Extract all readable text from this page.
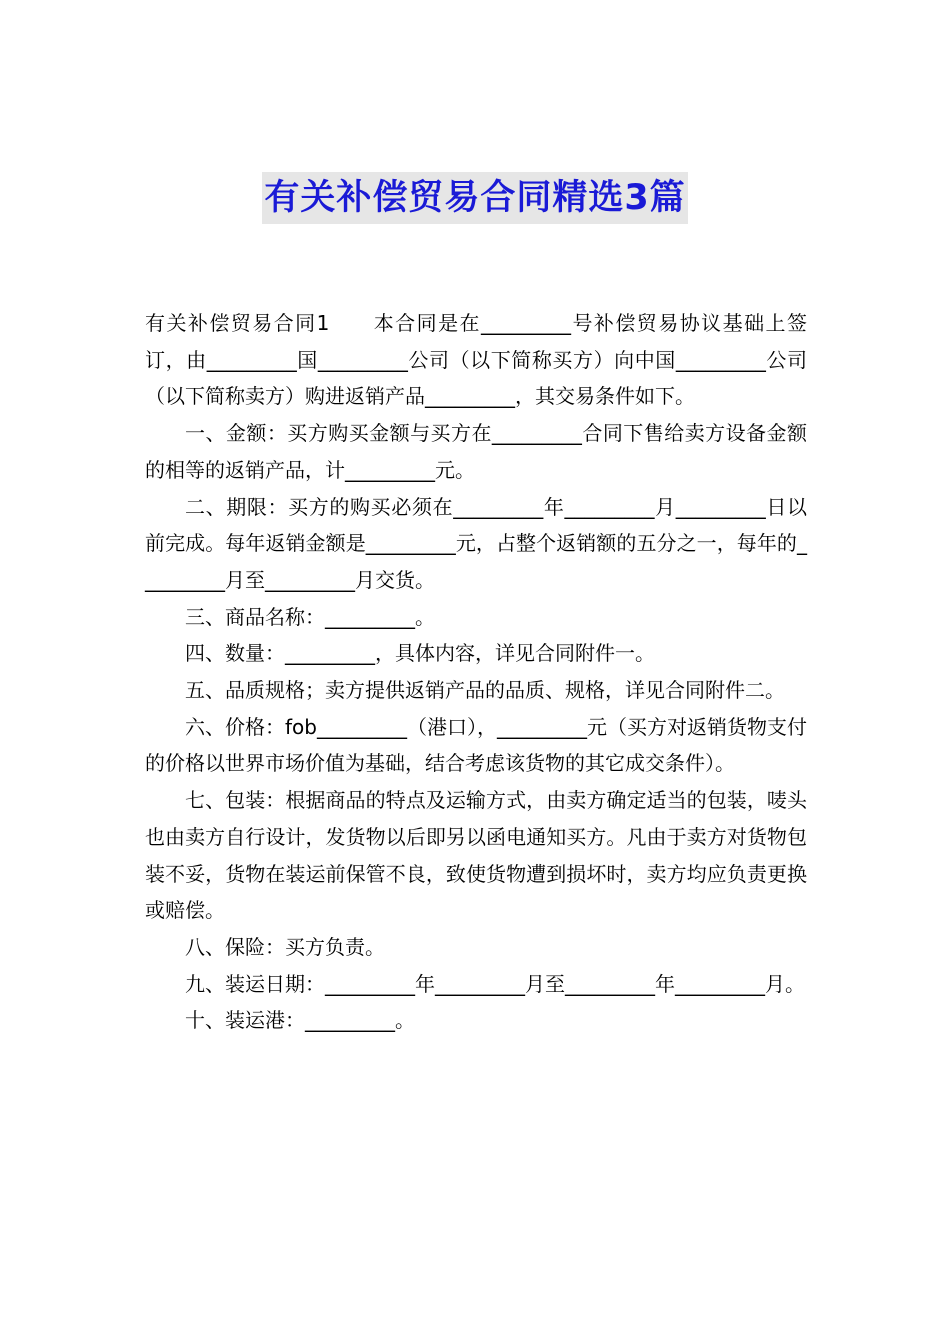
有关补偿贸易合同精选3篇

有关补偿贸易合同1　　本合同是在_________号补偿贸易协议基础上签订，由_________国_________公司（以下简称买方）向中国_________公司（以下简称卖方）购进返销产品_________，其交易条件如下。

一、金额：买方购买金额与买方在_________合同下售给卖方设备金额的相等的返销产品，计_________元。

二、期限：买方的购买必须在_________年_________月_________日以前完成。每年返销金额是_________元，占整个返销额的五分之一，每年的_________月至_________月交货。

三、商品名称：_________。

四、数量：_________，具体内容，详见合同附件一。

五、品质规格；卖方提供返销产品的品质、规格，详见合同附件二。

六、价格：fob_________（港口），_________元（买方对返销货物支付的价格以世界市场价值为基础，结合考虑该货物的其它成交条件）。

七、包装：根据商品的特点及运输方式，由卖方确定适当的包装，唛头也由卖方自行设计，发货物以后即另以函电通知买方。凡由于卖方对货物包装不妥，货物在装运前保管不良，致使货物遭到损坏时，卖方均应负责更换或赔偿。

八、保险：买方负责。

九、装运日期：_________年_________月至_________年_________月。

十、装运港：_________。
